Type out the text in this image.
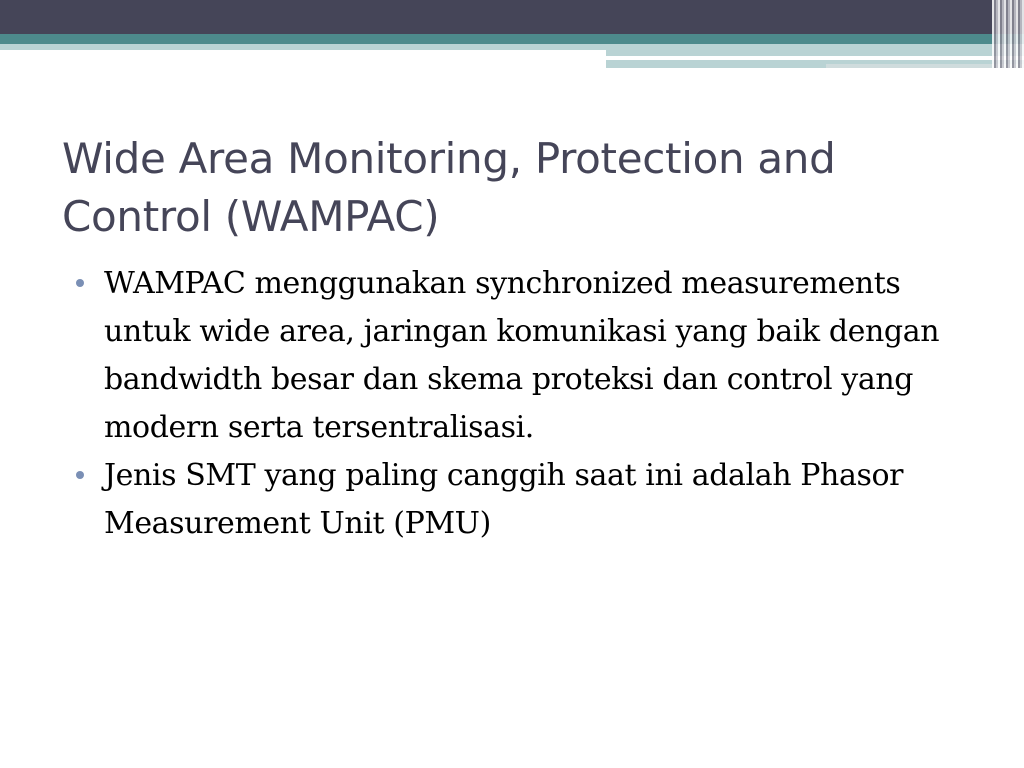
Wide Area Monitoring, Protection and Control (WAMPAC)
WAMPAC menggunakan synchronized measurements untuk wide area, jaringan komunikasi yang baik dengan bandwidth besar dan skema proteksi dan control yang modern serta tersentralisasi.
Jenis SMT yang paling canggih saat ini adalah Phasor Measurement Unit (PMU)
